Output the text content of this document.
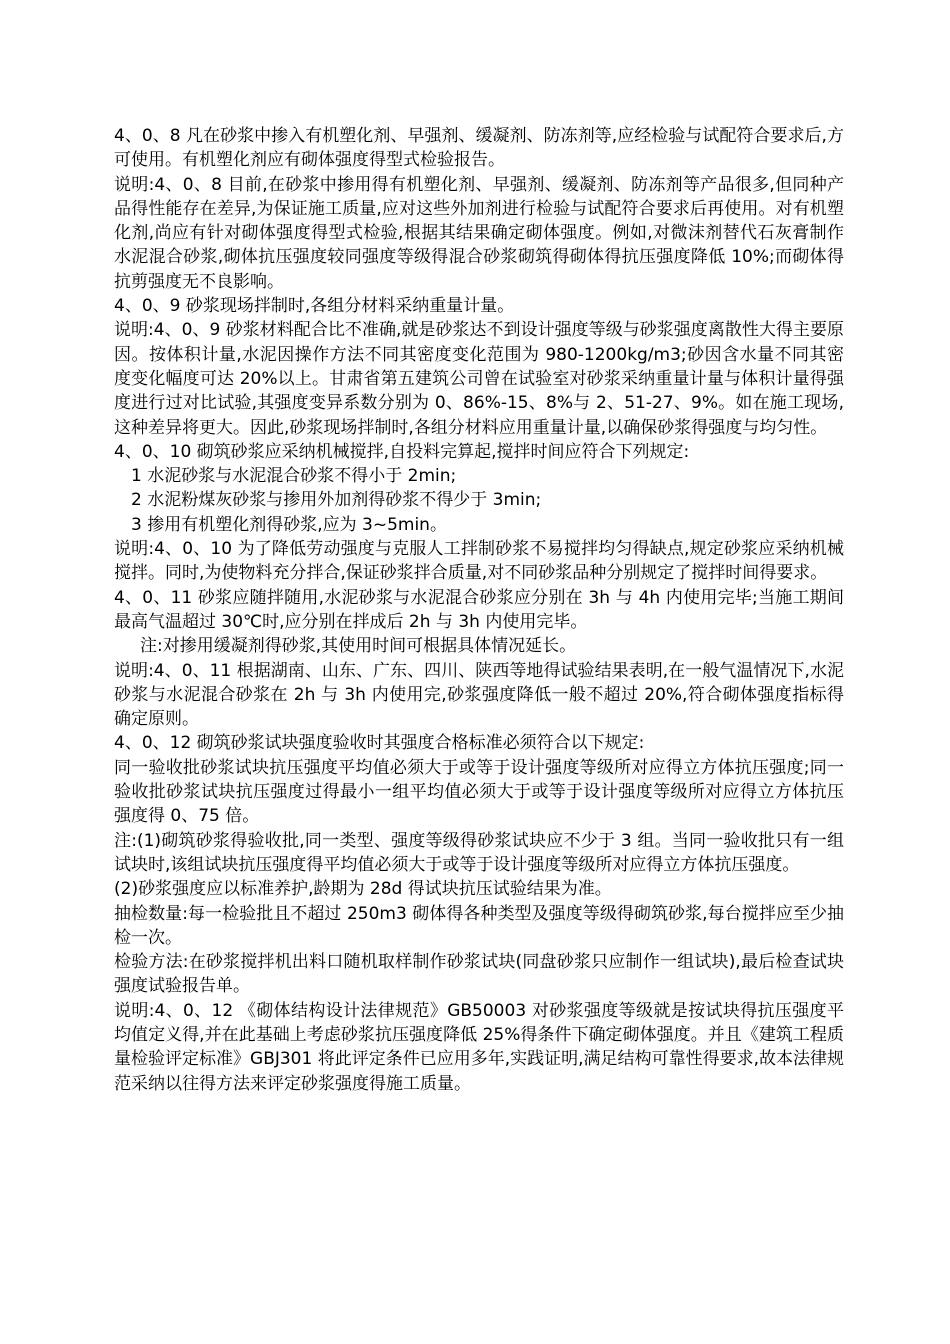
4、0、8 凡在砂浆中掺入有机塑化剂、早强剂、缓凝剂、防冻剂等,应经检验与试配符合要求后,方可使用。有机塑化剂应有砌体强度得型式检验报告。

说明:4、0、8 目前,在砂浆中掺用得有机塑化剂、早强剂、缓凝剂、防冻剂等产品很多,但同种产品得性能存在差异,为保证施工质量,应对这些外加剂进行检验与试配符合要求后再使用。对有机塑化剂,尚应有针对砌体强度得型式检验,根据其结果确定砌体强度。例如,对微沫剂替代石灰膏制作水泥混合砂浆,砌体抗压强度较同强度等级得混合砂浆砌筑得砌体得抗压强度降低 10%;而砌体得抗剪强度无不良影响。

4、0、9 砂浆现场拌制时,各组分材料采纳重量计量。

说明:4、0、9 砂浆材料配合比不准确,就是砂浆达不到设计强度等级与砂浆强度离散性大得主要原因。按体积计量,水泥因操作方法不同其密度变化范围为 980-1200kg/m3;砂因含水量不同其密度变化幅度可达 20%以上。甘肃省第五建筑公司曾在试验室对砂浆采纳重量计量与体积计量得强度进行过对比试验,其强度变异系数分别为 0、86%-15、8%与 2、51-27、9%。如在施工现场,这种差异将更大。因此,砂浆现场拌制时,各组分材料应用重量计量,以确保砂浆得强度与均匀性。

4、0、10 砌筑砂浆应采纳机械搅拌,自投料完算起,搅拌时间应符合下列规定:

1 水泥砂浆与水泥混合砂浆不得小于 2min;

2 水泥粉煤灰砂浆与掺用外加剂得砂浆不得少于 3min;

3 掺用有机塑化剂得砂浆,应为 3~5min。

说明:4、0、10 为了降低劳动强度与克服人工拌制砂浆不易搅拌均匀得缺点,规定砂浆应采纳机械搅拌。同时,为使物料充分拌合,保证砂浆拌合质量,对不同砂浆品种分别规定了搅拌时间得要求。

4、0、11 砂浆应随拌随用,水泥砂浆与水泥混合砂浆应分别在 3h 与 4h 内使用完毕;当施工期间最高气温超过 30℃时,应分别在拌成后 2h 与 3h 内使用完毕。

注:对掺用缓凝剂得砂浆,其使用时间可根据具体情况延长。

说明:4、0、11 根据湖南、山东、广东、四川、陕西等地得试验结果表明,在一般气温情况下,水泥砂浆与水泥混合砂浆在 2h 与 3h 内使用完,砂浆强度降低一般不超过 20%,符合砌体强度指标得确定原则。

4、0、12 砌筑砂浆试块强度验收时其强度合格标准必须符合以下规定:

同一验收批砂浆试块抗压强度平均值必须大于或等于设计强度等级所对应得立方体抗压强度;同一验收批砂浆试块抗压强度过得最小一组平均值必须大于或等于设计强度等级所对应得立方体抗压强度得 0、75 倍。

注:(1)砌筑砂浆得验收批,同一类型、强度等级得砂浆试块应不少于 3 组。当同一验收批只有一组试块时,该组试块抗压强度得平均值必须大于或等于设计强度等级所对应得立方体抗压强度。

(2)砂浆强度应以标准养护,龄期为 28d 得试块抗压试验结果为准。

抽检数量:每一检验批且不超过 250m3 砌体得各种类型及强度等级得砌筑砂浆,每台搅拌应至少抽检一次。

检验方法:在砂浆搅拌机出料口随机取样制作砂浆试块(同盘砂浆只应制作一组试块),最后检查试块强度试验报告单。

说明:4、0、12 《砌体结构设计法律规范》GB50003 对砂浆强度等级就是按试块得抗压强度平均值定义得,并在此基础上考虑砂浆抗压强度降低 25%得条件下确定砌体强度。并且《建筑工程质量检验评定标准》GBJ301 将此评定条件已应用多年,实践证明,满足结构可靠性得要求,故本法律规范采纳以往得方法来评定砂浆强度得施工质量。
